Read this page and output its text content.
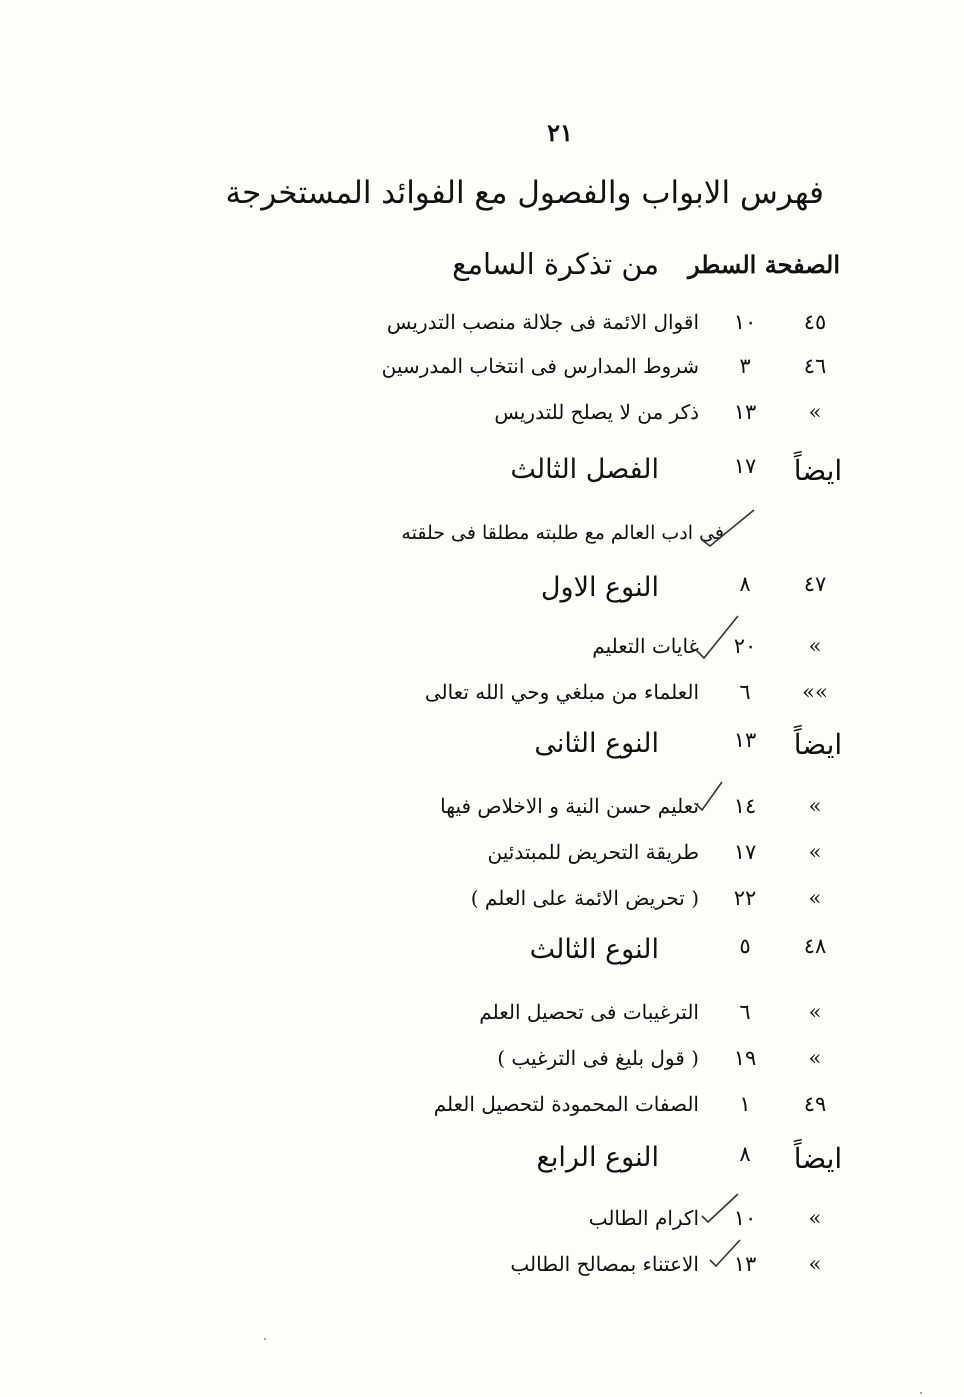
٢١
فهرس الابواب والفصول مع الفوائد المستخرجة
الصفحة السطر
من تذكرة السامع
٤٥
١٠
اقوال الائمة فى جلالة منصب التدريس
٤٦
٣
شروط المدارس فى انتخاب المدرسين
»
١٣
ذكر من لا يصلح للتدريس
ايضاً
١٧
الفصل الثالث
فى ادب العالم مع طلبته مطلقا فى حلقته
٤٧
٨
النوع الاول
»
٢٠
غايات التعليم
»»
٦
العلماء من مبلغي وحي الله تعالى
ايضاً
١٣
النوع الثانى
»
١٤
تعليم حسن النية و الاخلاص فيها
»
١٧
طريقة التحريض للمبتدئين
»
٢٢
( تحريض الائمة على العلم )
٤٨
٥
النوع الثالث
»
٦
الترغيبات فى تحصيل العلم
»
١٩
( قول بليغ فى الترغيب )
٤٩
١
الصفات المحمودة لتحصيل العلم
ايضاً
٨
النوع الرابع
»
١٠
اكرام الطالب
»
١٣
الاعتناء بمصالح الطالب
